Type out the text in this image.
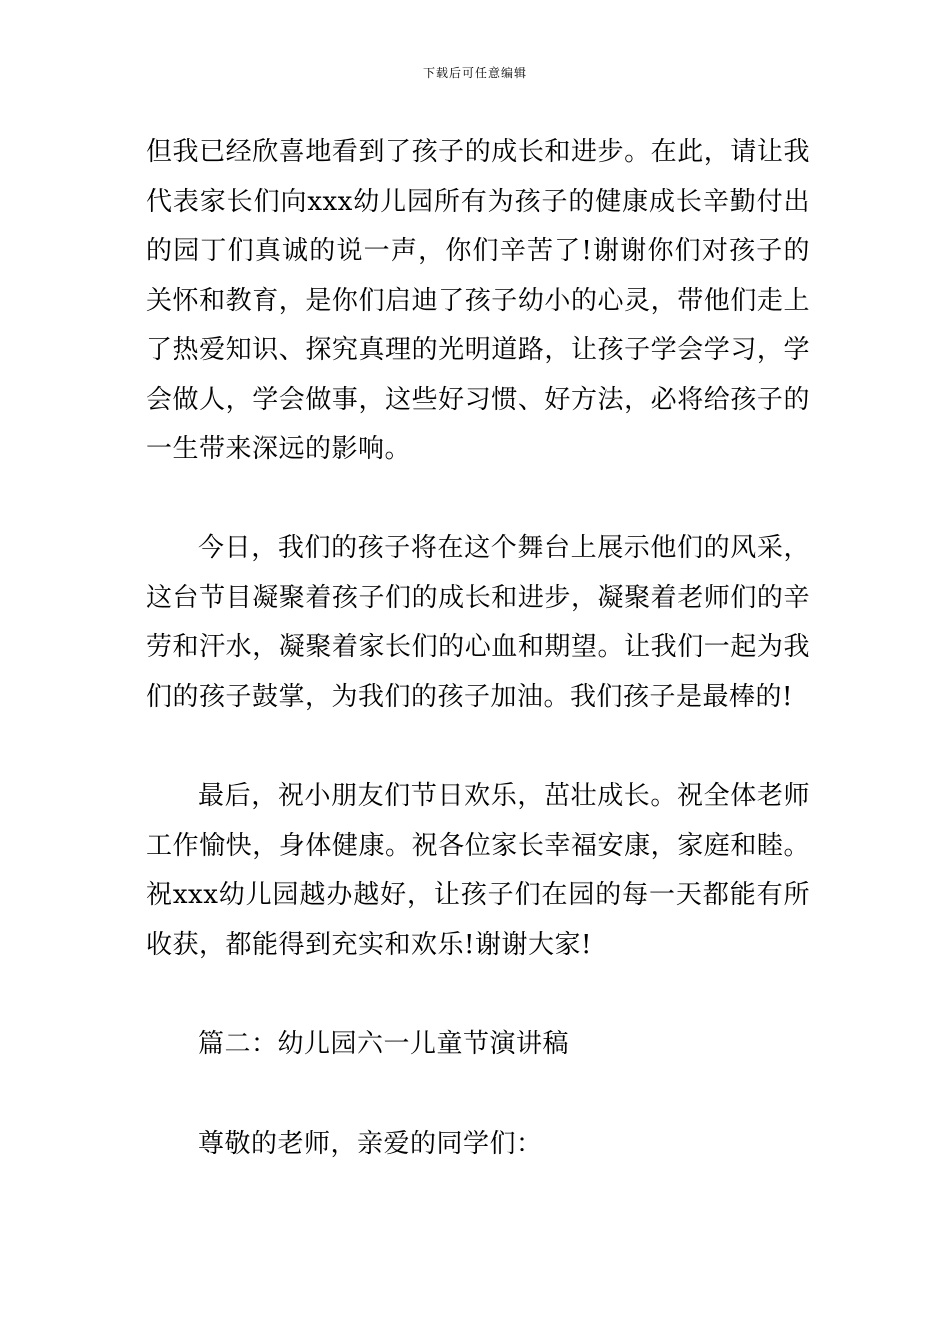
下载后可任意编辑

但我已经欣喜地看到了孩子的成长和进步。在此，请让我代表家长们向xxx幼儿园所有为孩子的健康成长辛勤付出的园丁们真诚的说一声，你们辛苦了!谢谢你们对孩子的关怀和教育，是你们启迪了孩子幼小的心灵，带他们走上了热爱知识、探究真理的光明道路，让孩子学会学习，学会做人，学会做事，这些好习惯、好方法，必将给孩子的一生带来深远的影响。

今日，我们的孩子将在这个舞台上展示他们的风采，这台节目凝聚着孩子们的成长和进步，凝聚着老师们的辛劳和汗水，凝聚着家长们的心血和期望。让我们一起为我们的孩子鼓掌，为我们的孩子加油。我们孩子是最棒的!

最后，祝小朋友们节日欢乐，茁壮成长。祝全体老师工作愉快，身体健康。祝各位家长幸福安康，家庭和睦。祝xxx幼儿园越办越好，让孩子们在园的每一天都能有所收获，都能得到充实和欢乐!谢谢大家!

篇二：幼儿园六一儿童节演讲稿

尊敬的老师，亲爱的同学们：
